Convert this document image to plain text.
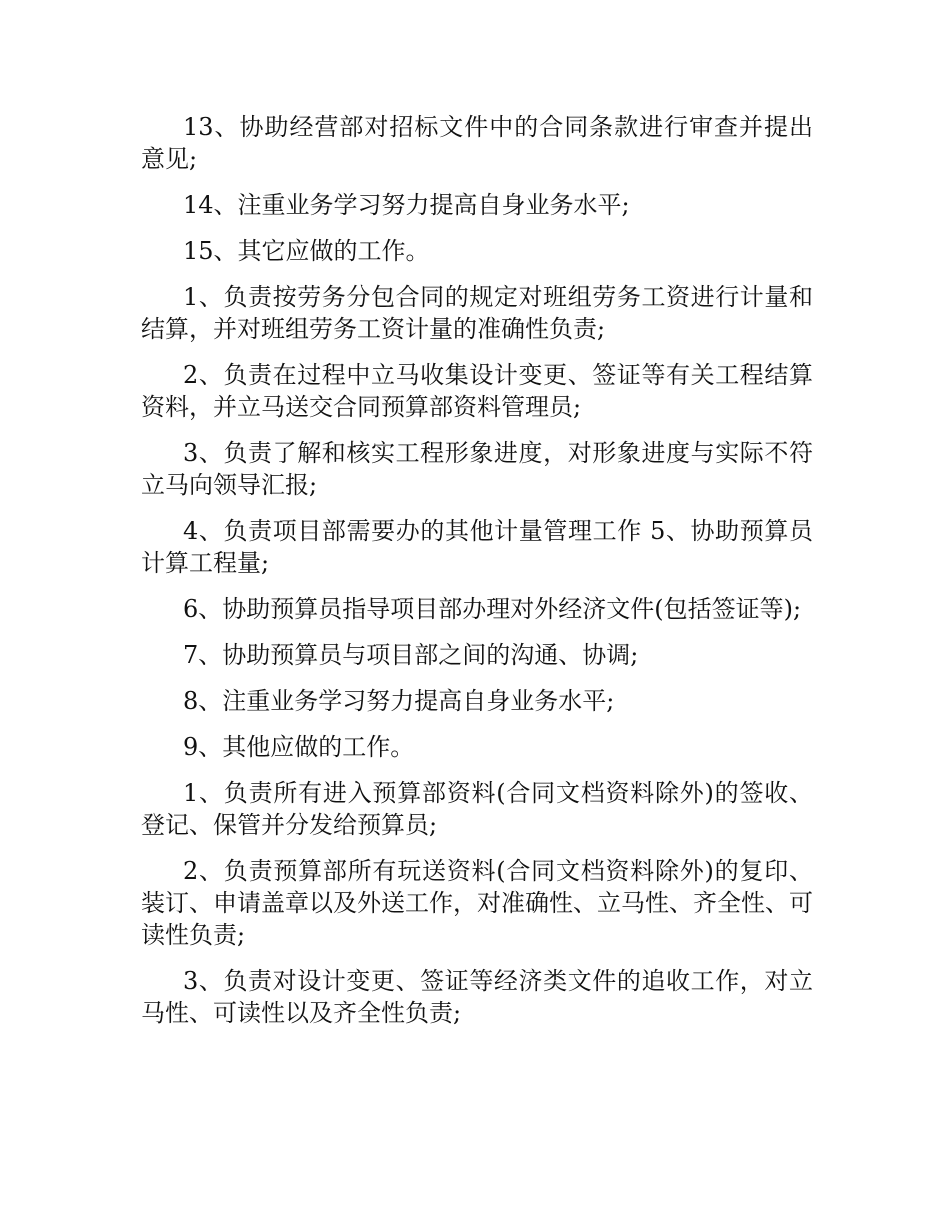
13、协助经营部对招标文件中的合同条款进行审查并提出意见;

14、注重业务学习努力提高自身业务水平;

15、其它应做的工作。

1、负责按劳务分包合同的规定对班组劳务工资进行计量和结算，并对班组劳务工资计量的准确性负责;

2、负责在过程中立马收集设计变更、签证等有关工程结算资料，并立马送交合同预算部资料管理员;

3、负责了解和核实工程形象进度，对形象进度与实际不符立马向领导汇报;

4、负责项目部需要办的其他计量管理工作 5、协助预算员计算工程量;

6、协助预算员指导项目部办理对外经济文件(包括签证等);

7、协助预算员与项目部之间的沟通、协调;

8、注重业务学习努力提高自身业务水平;

9、其他应做的工作。

1、负责所有进入预算部资料(合同文档资料除外)的签收、登记、保管并分发给预算员;

2、负责预算部所有玩送资料(合同文档资料除外)的复印、装订、申请盖章以及外送工作，对准确性、立马性、齐全性、可读性负责;

3、负责对设计变更、签证等经济类文件的追收工作，对立马性、可读性以及齐全性负责;
